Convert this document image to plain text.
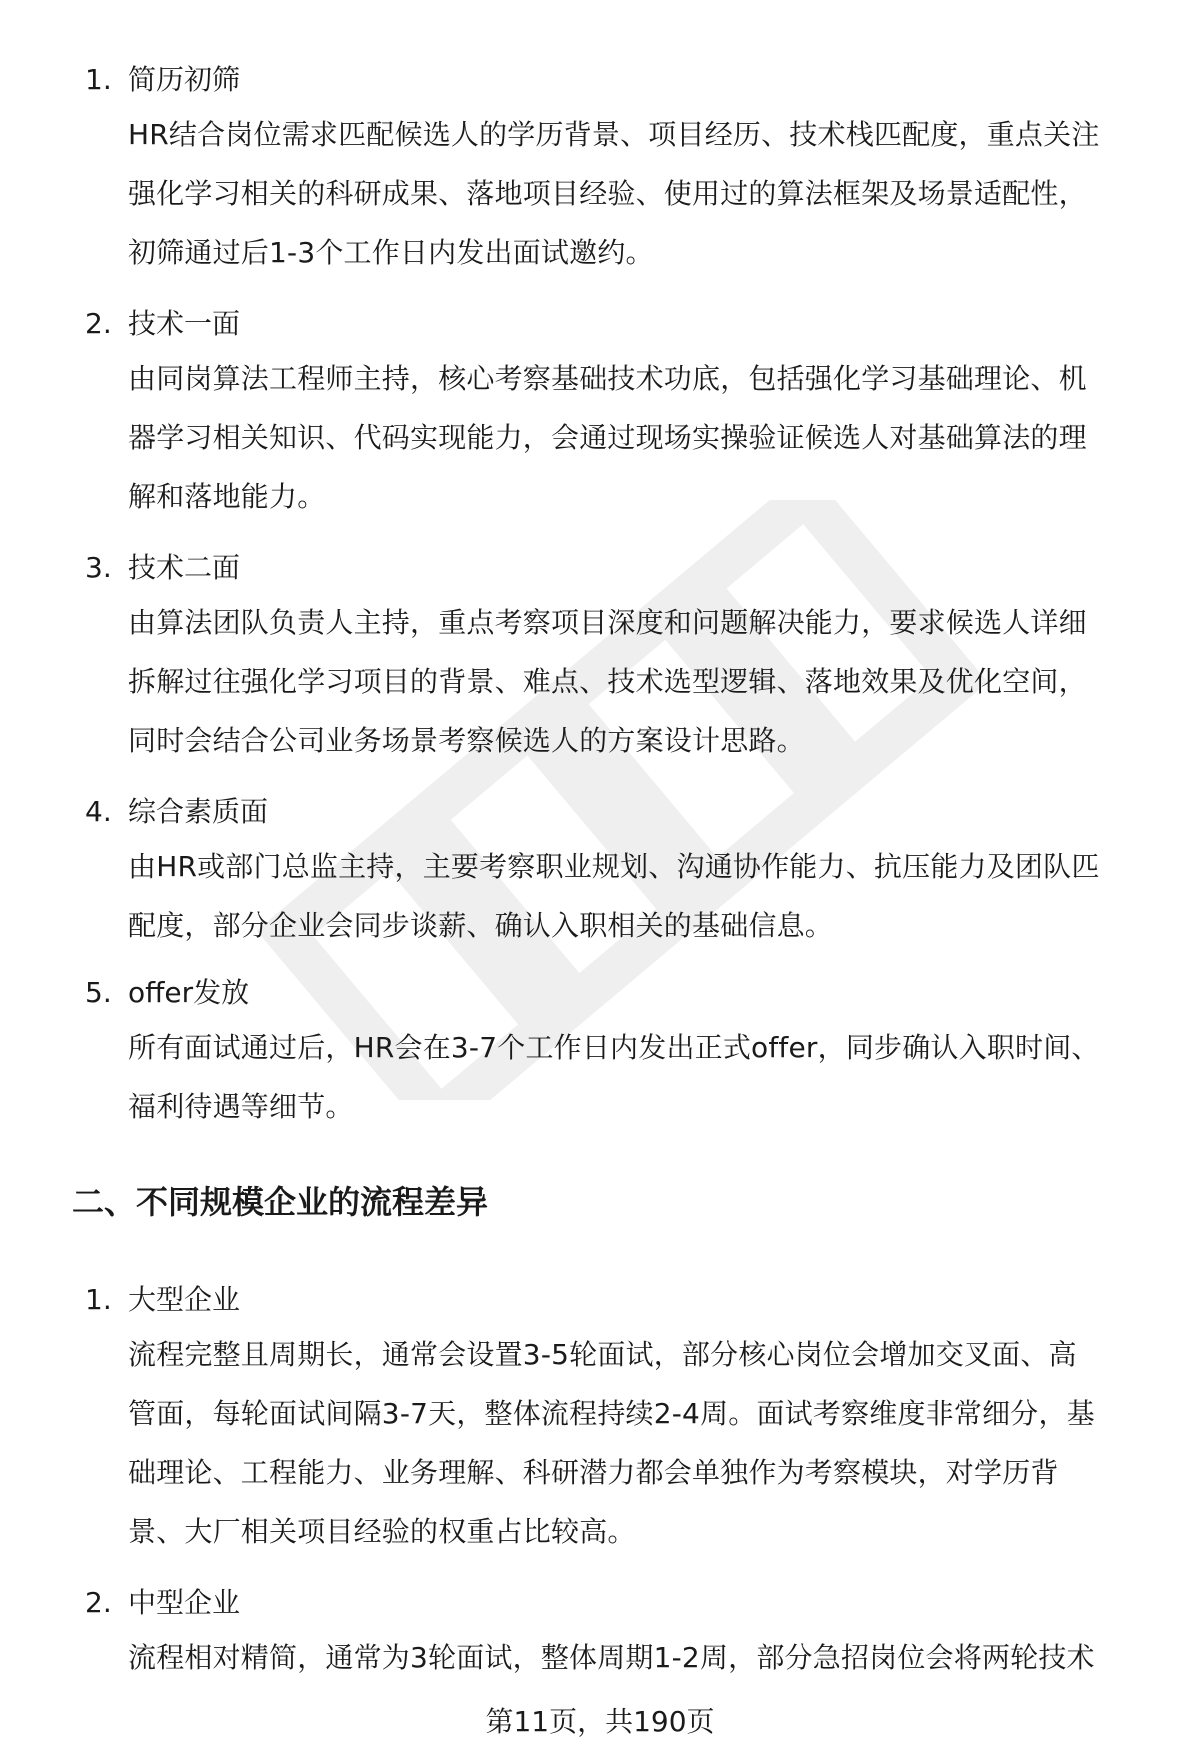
1. 简历初筛
HR结合岗位需求匹配候选人的学历背景、项目经历、技术栈匹配度，重点关注
强化学习相关的科研成果、落地项目经验、使用过的算法框架及场景适配性，
初筛通过后1-3个工作日内发出面试邀约。
2. 技术一面
由同岗算法工程师主持，核心考察基础技术功底，包括强化学习基础理论、机
器学习相关知识、代码实现能力，会通过现场实操验证候选人对基础算法的理
解和落地能力。
3. 技术二面
由算法团队负责人主持，重点考察项目深度和问题解决能力，要求候选人详细
拆解过往强化学习项目的背景、难点、技术选型逻辑、落地效果及优化空间，
同时会结合公司业务场景考察候选人的方案设计思路。
4. 综合素质面
由HR或部门总监主持，主要考察职业规划、沟通协作能力、抗压能力及团队匹
配度，部分企业会同步谈薪、确认入职相关的基础信息。
5. offer发放
所有面试通过后，HR会在3-7个工作日内发出正式offer，同步确认入职时间、
福利待遇等细节。
二、不同规模企业的流程差异
1. 大型企业
流程完整且周期长，通常会设置3-5轮面试，部分核心岗位会增加交叉面、高
管面，每轮面试间隔3-7天，整体流程持续2-4周。面试考察维度非常细分，基
础理论、工程能力、业务理解、科研潜力都会单独作为考察模块，对学历背
景、大厂相关项目经验的权重占比较高。
2. 中型企业
流程相对精简，通常为3轮面试，整体周期1-2周，部分急招岗位会将两轮技术
第11页，共190页
